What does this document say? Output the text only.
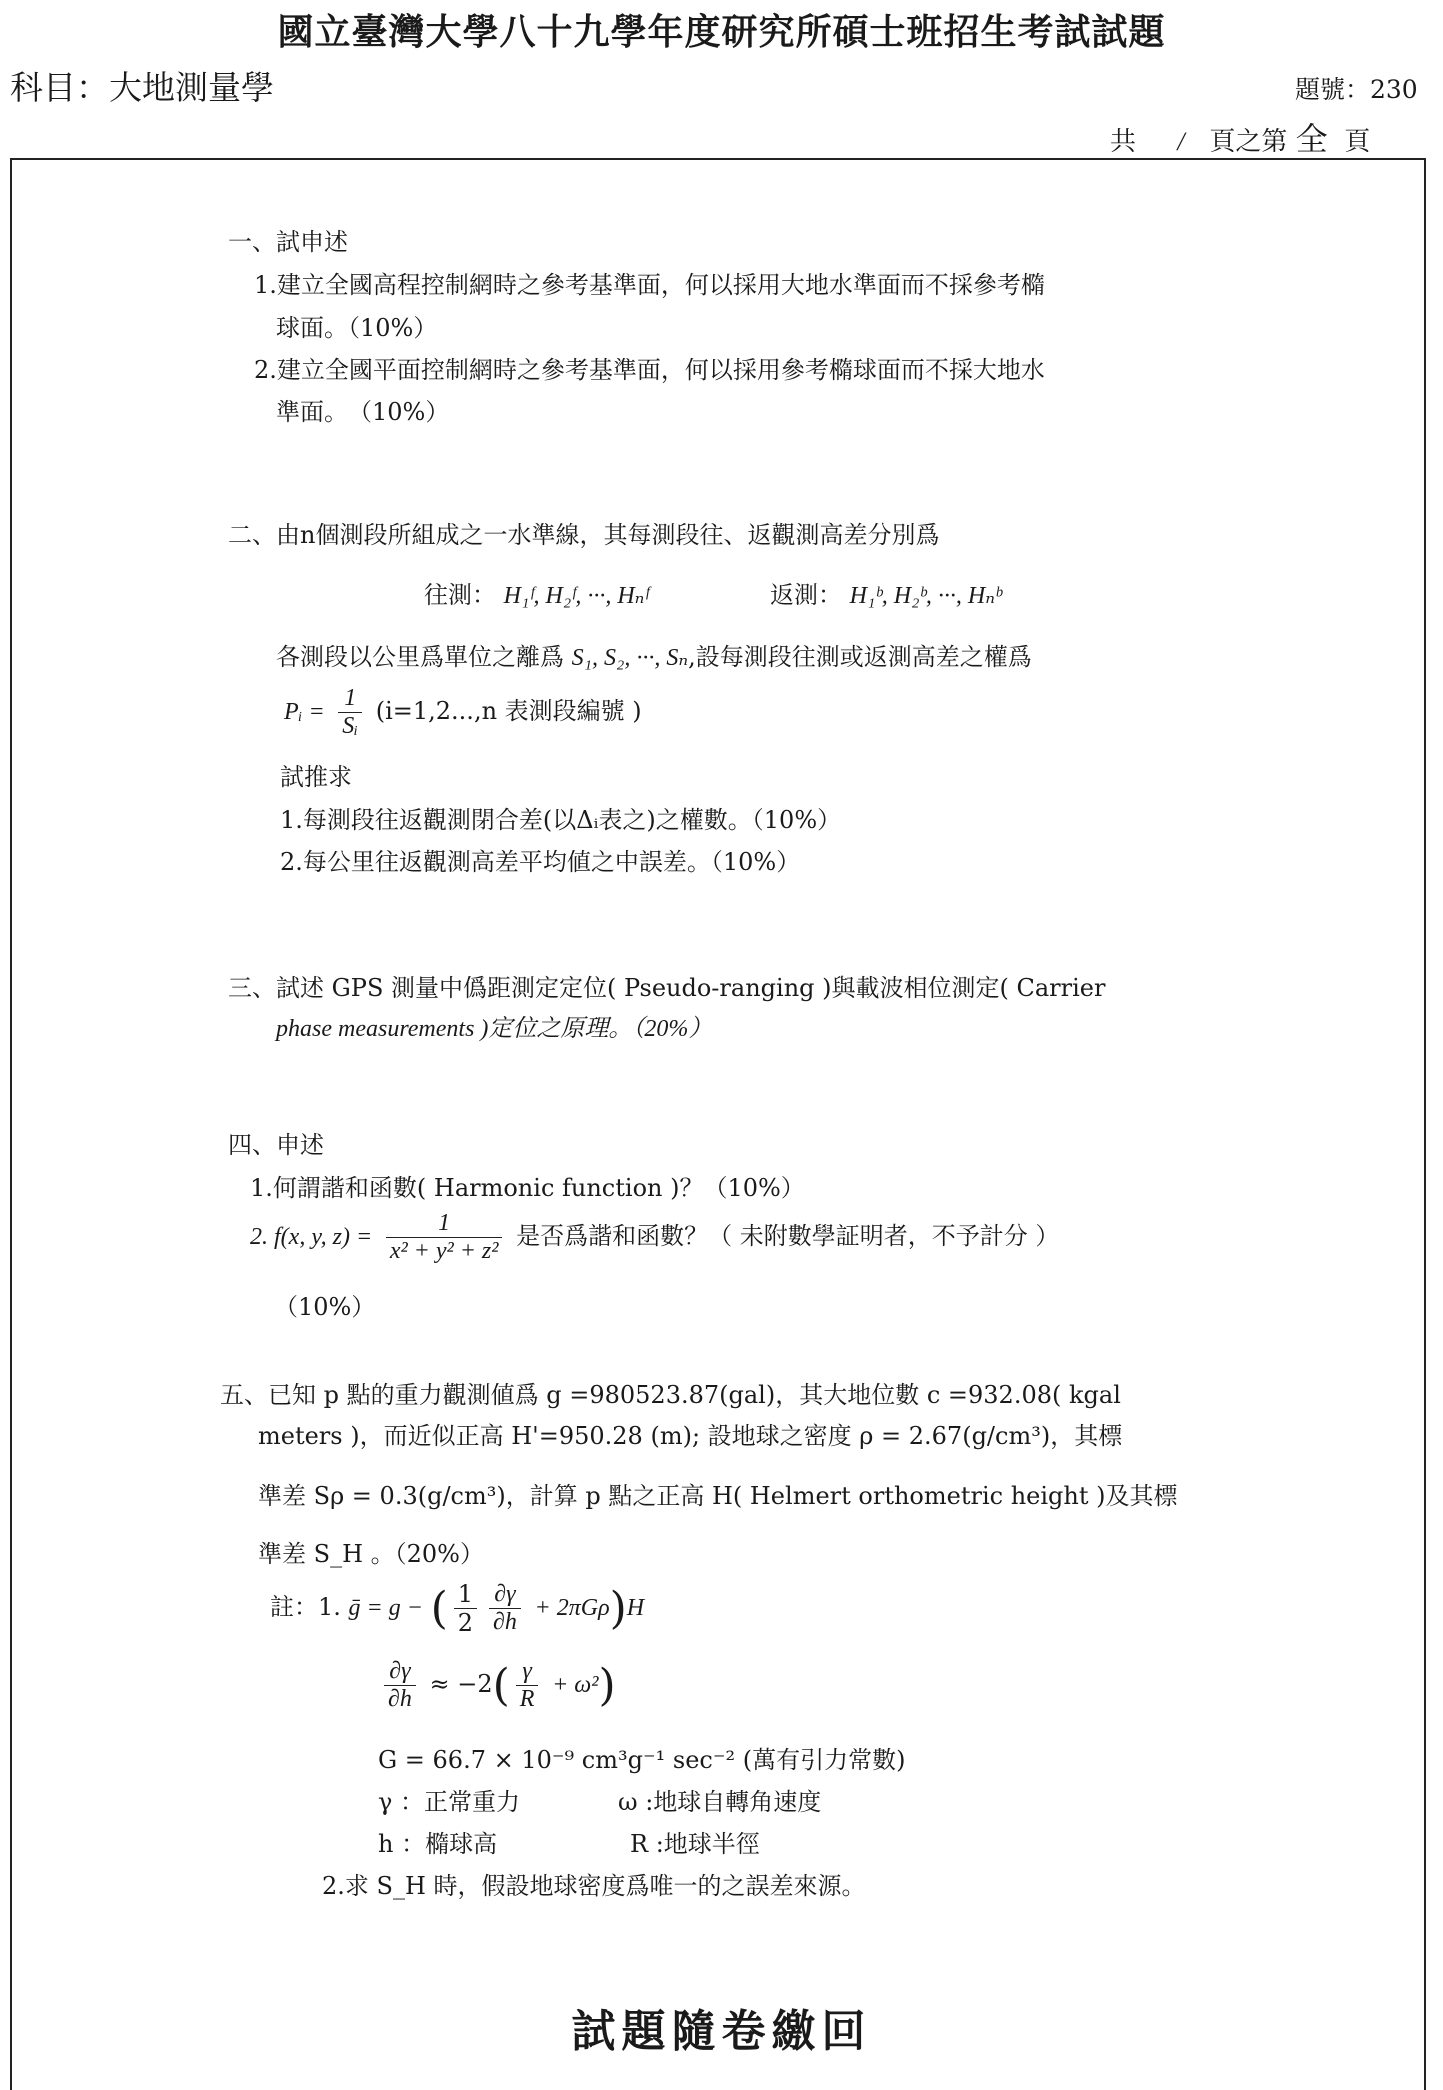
國立臺灣大學八十九學年度研究所碩士班招生考試試題
科目：大地測量學	題號：230
共 / 頁之第 全 頁
一、試申述
1.建立全國高程控制網時之參考基準面，何以採用大地水準面而不採參考橢
球面。（10%）
2.建立全國平面控制網時之參考基準面，何以採用參考橢球面而不採大地水
準面。　（10%）
二、由n個測段所組成之一水準線，其每測段往、返觀測高差分別爲
往測： H₁ᶠ, H₂ᶠ, ···, Hₙᶠ	返測： H₁ᵇ, H₂ᵇ, ···, Hₙᵇ
各測段以公里爲單位之離爲 S₁, S₂, ···, Sₙ,設每測段往測或返測高差之權爲
Pᵢ = $\frac{1}{\text{Sᵢ}} (i=1,2...,n$ 表測段編號 )
試推求
1.每測段往返觀測閉合差(以Δᵢ表之)之權數。（10%）
2.每公里往返觀測高差平均値之中誤差。（10%）
三、試述 GPS 測量中僞距測定定位( Pseudo-ranging )與載波相位測定( Carrier
phase measurements )定位之原理。（20%）
四、申述
1.何謂諧和函數( Harmonic function )？（10%）
2. f(x, y, $z) = \frac{1}{\text{x² + y² + z²}}$ 是否爲諧和函數？（ 未附數學証明者，不予計分 ）
（10%）
五、已知 p 點的重力觀測値爲 g =980523.87(gal)，其大地位數 c =932.08( kgal
meters )，而近似正高 H'=950.28 (m); 設地球之密度 ρ = 2.67(g/cm³)，其標
準差 Sρ = 0.3(g/cm³)，計算 p 點之正高 H( Helmert orthometric height )及其標
準差 S_H 。（20%）
註：1. ḡ = g − ( $\frac{1}{2} \frac{\partial\gamma}{\partial h} + 2\pi G\rho)H$
$\frac{\partial\gamma}{\partial h} \approx -2( \frac{\gamma}{R} + \omega^2)$
G = 66.7 × 10⁻⁹ cm³g⁻¹ sec⁻² (萬有引力常數)
γ ：正常重力	ω :地球自轉角速度
h ：橢球高	R :地球半徑
2.求 S_H 時，假設地球密度爲唯一的之誤差來源。
試題隨卷繳回
